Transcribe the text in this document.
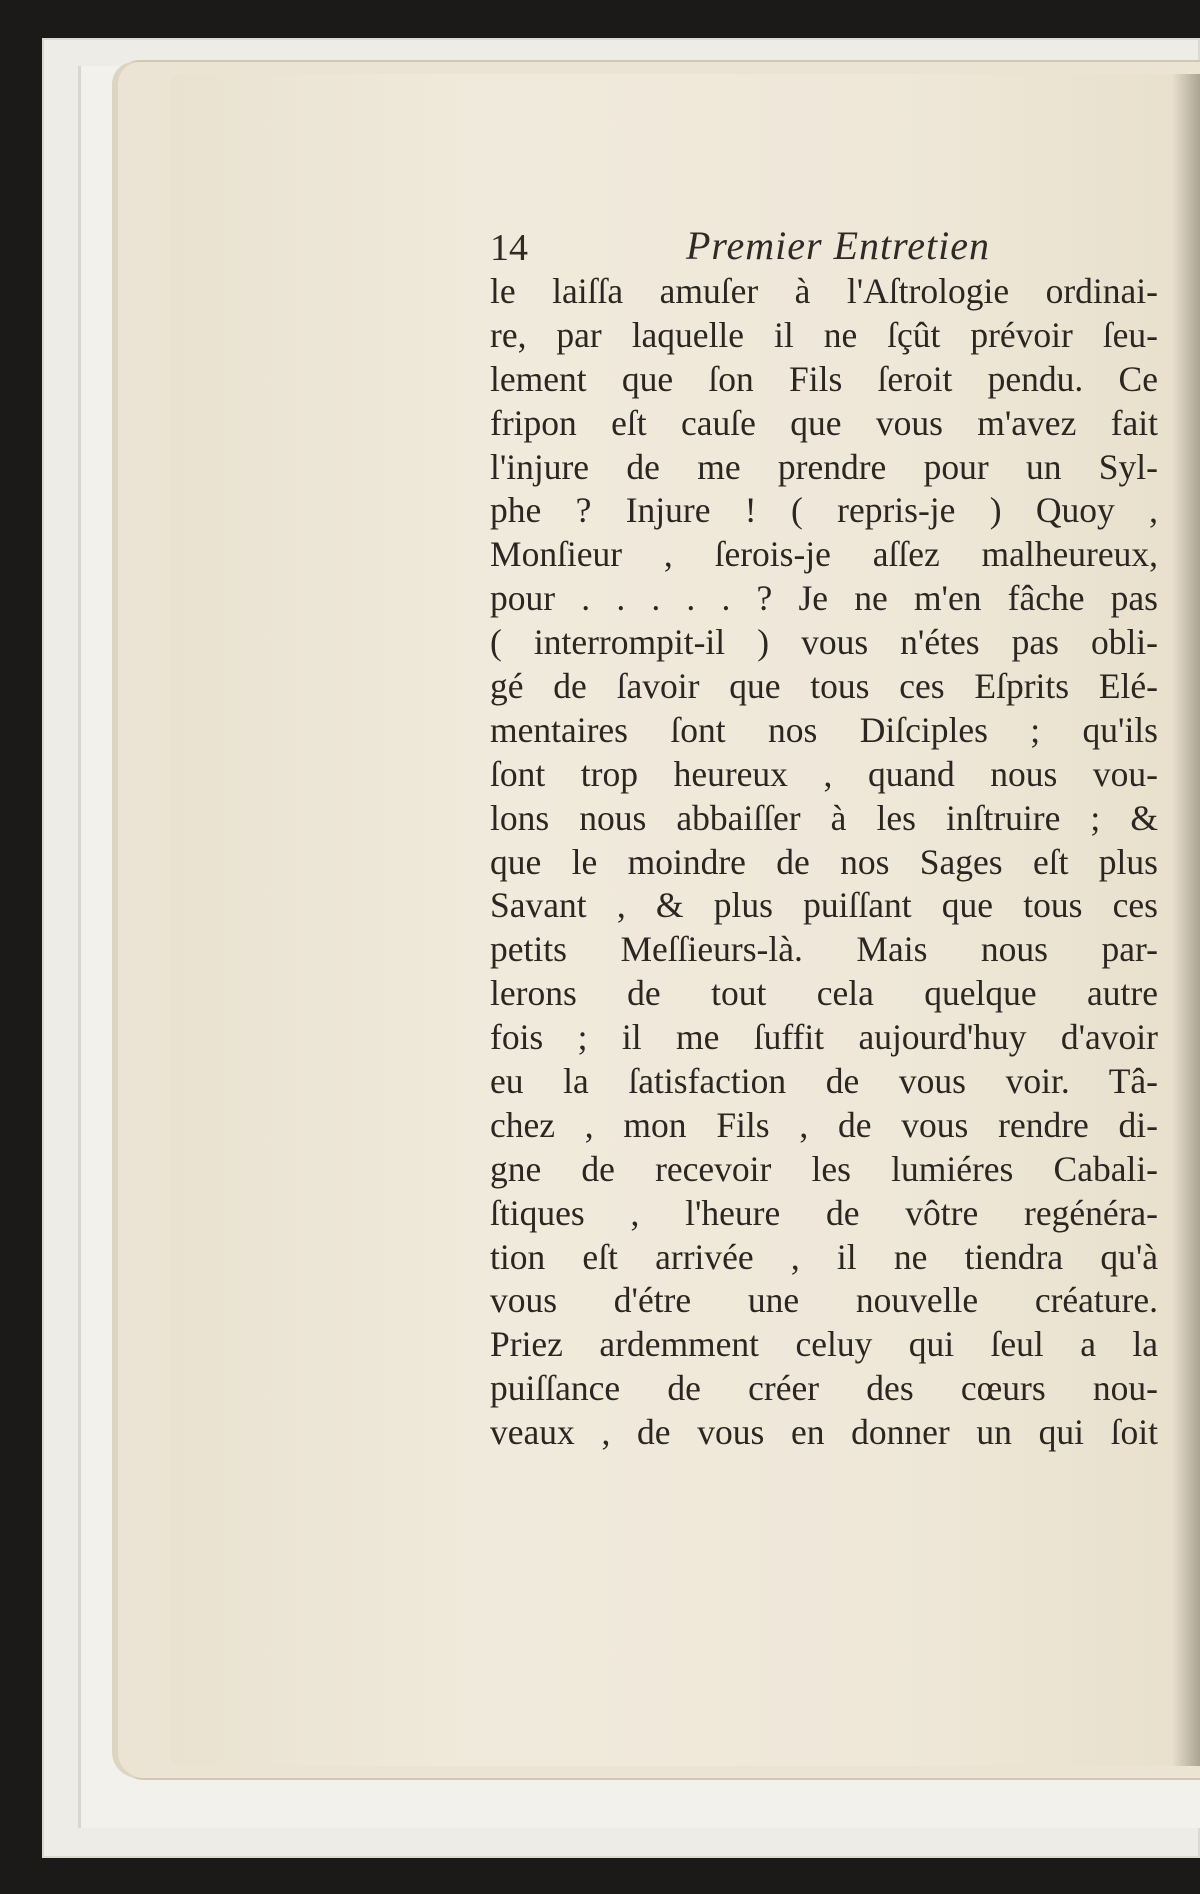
14	Premier Entretien
le laiſſa amuſer à l'Aſtrologie ordinai-
re, par laquelle il ne ſçût prévoir ſeu-
lement que ſon Fils ſeroit pendu. Ce
fripon eſt cauſe que vous m'avez fait
l'injure de me prendre pour un Syl-
phe ? Injure ! ( repris-je ) Quoy ,
Monſieur , ſerois-je aſſez malheureux,
pour . . . . . ? Je ne m'en fâche pas
( interrompit-il ) vous n'étes pas obli-
gé de ſavoir que tous ces Eſprits Elé-
mentaires ſont nos Diſciples ; qu'ils
ſont trop heureux , quand nous vou-
lons nous abbaiſſer à les inſtruire ; &
que le moindre de nos Sages eſt plus
Savant , & plus puiſſant que tous ces
petits Meſſieurs-là. Mais nous par-
lerons de tout cela quelque autre
fois ; il me ſuffit aujourd'huy d'avoir
eu la ſatisfaction de vous voir. Tâ-
chez , mon Fils , de vous rendre di-
gne de recevoir les lumiéres Cabali-
ſtiques , l'heure de vôtre regénéra-
tion eſt arrivée , il ne tiendra qu'à
vous d'étre une nouvelle créature.
Priez ardemment celuy qui ſeul a la
puiſſance de créer des cœurs nou-
veaux , de vous en donner un qui ſoit
